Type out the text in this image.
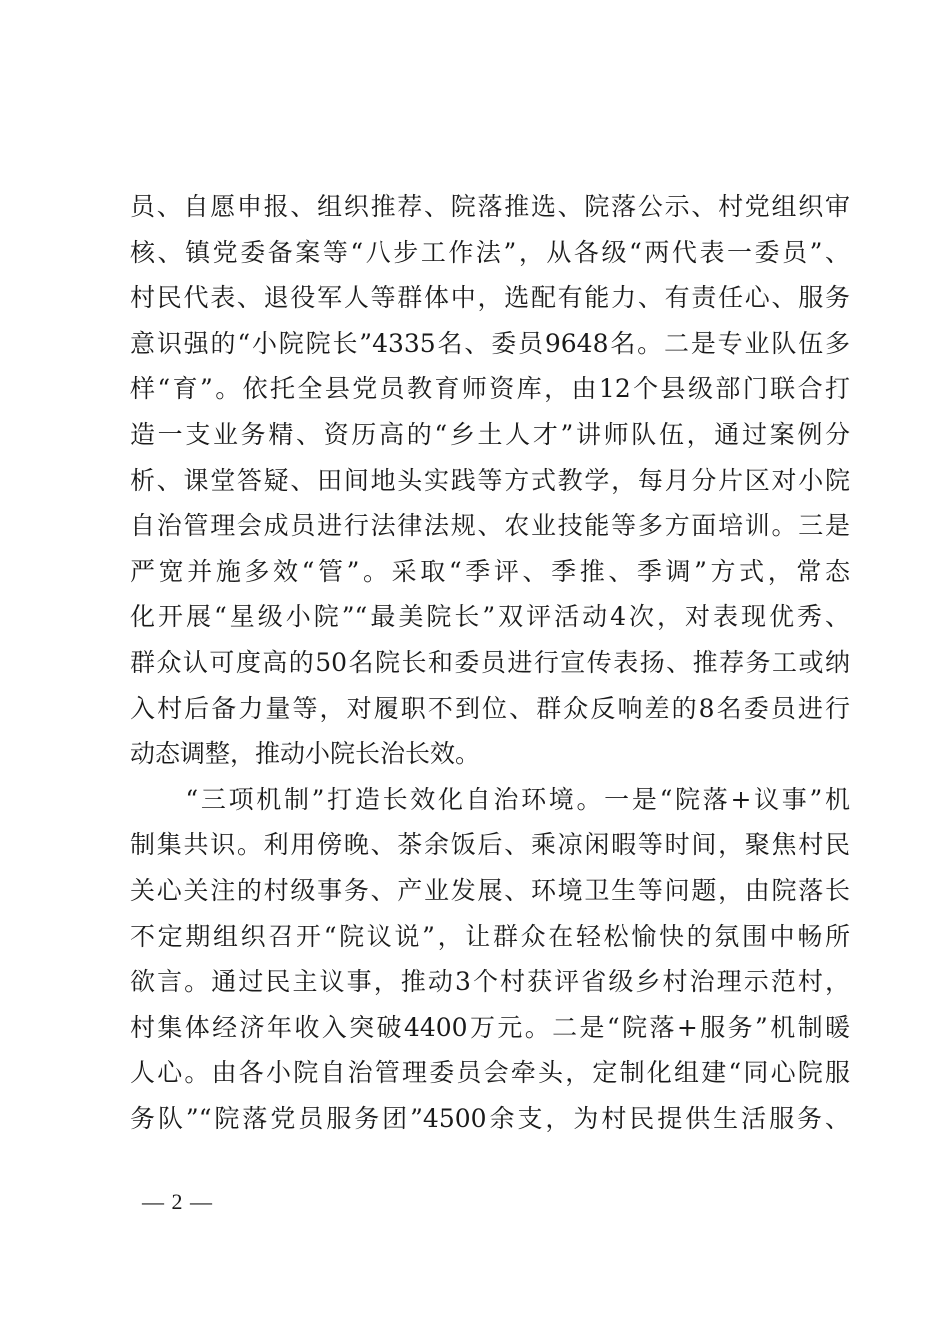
员、自愿申报、组织推荐、院落推选、院落公示、村党组织审
核、镇党委备案等“八步工作法”，从各级“两代表一委员”、
村民代表、退役军人等群体中，选配有能力、有责任心、服务
意识强的“小院院长”4335名、委员9648名。二是专业队伍多
样“育”。依托全县党员教育师资库，由12个县级部门联合打
造一支业务精、资历高的“乡土人才”讲师队伍，通过案例分
析、课堂答疑、田间地头实践等方式教学，每月分片区对小院
自治管理会成员进行法律法规、农业技能等多方面培训。三是
严宽并施多效“管”。采取“季评、季推、季调”方式，常态
化开展“星级小院”“最美院长”双评活动4次，对表现优秀、
群众认可度高的50名院长和委员进行宣传表扬、推荐务工或纳
入村后备力量等，对履职不到位、群众反响差的8名委员进行
动态调整，推动小院长治长效。
　　“三项机制”打造长效化自治环境。一是“院落+议事”机
制集共识。利用傍晚、茶余饭后、乘凉闲暇等时间，聚焦村民
关心关注的村级事务、产业发展、环境卫生等问题，由院落长
不定期组织召开“院议说”，让群众在轻松愉快的氛围中畅所
欲言。通过民主议事，推动3个村获评省级乡村治理示范村，
村集体经济年收入突破4400万元。二是“院落+服务”机制暖
人心。由各小院自治管理委员会牵头，定制化组建“同心院服
务队”“院落党员服务团”4500余支，为村民提供生活服务、
— 2 —
